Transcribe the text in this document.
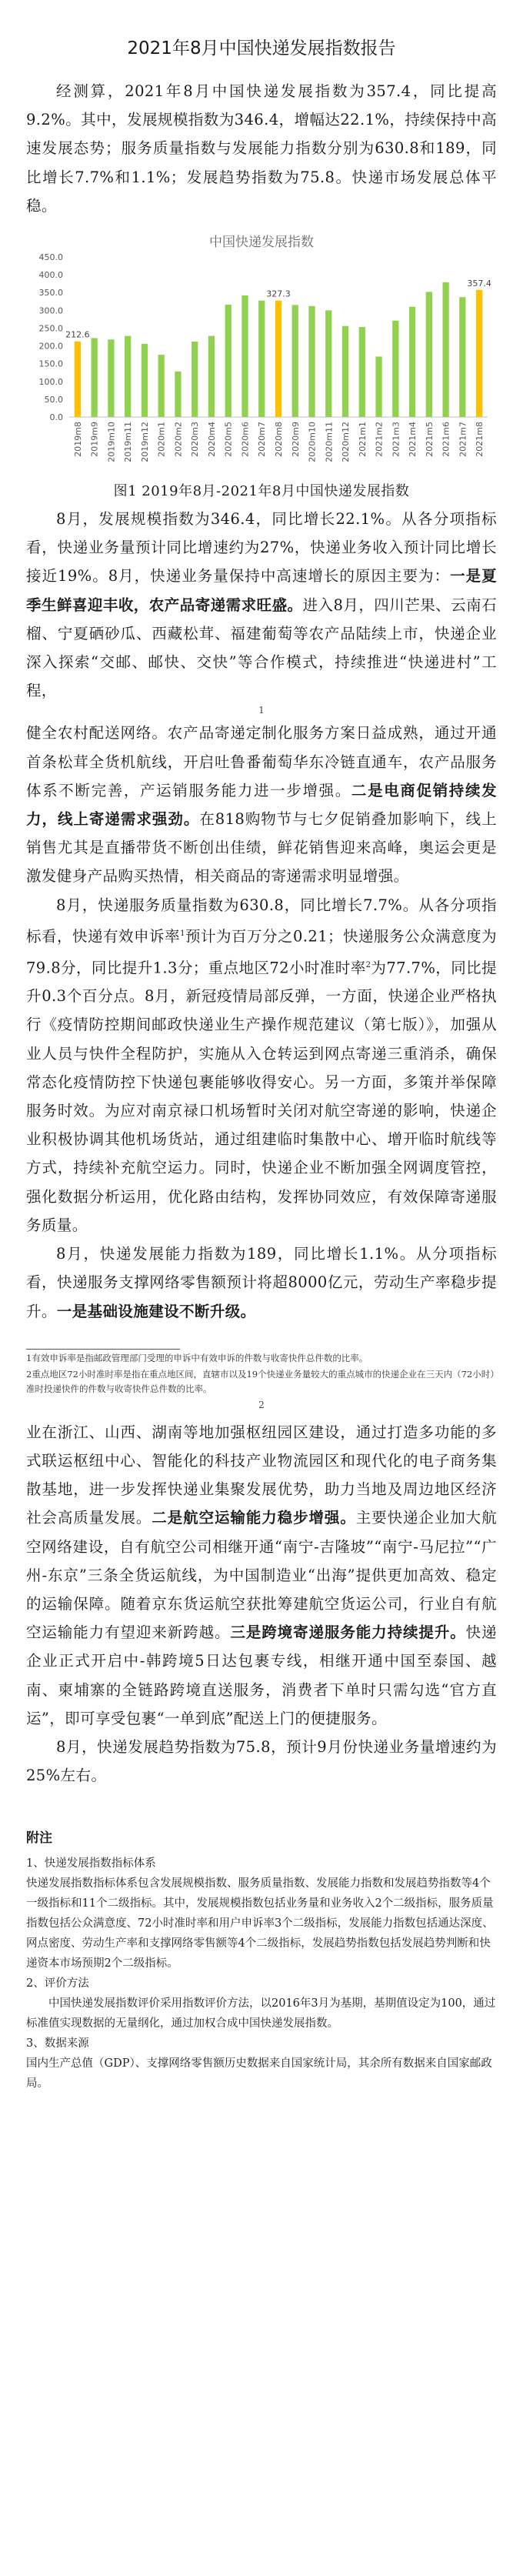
2021年8月中国快递发展指数报告

经测算，2021年8月中国快递发展指数为357.4，同比提高9.2%。其中，发展规模指数为346.4，增幅达22.1%，持续保持中高速发展态势；服务质量指数与发展能力指数分别为630.8和189，同比增长7.7%和1.1%；发展趋势指数为75.8。快递市场发展总体平稳。

中国快递发展指数
0.0
50.0
100.0
150.0
200.0
250.0
300.0
350.0
400.0
450.0
212.6
2019m8 2019m9 2019m10 2019m11 2019m12 2020m1 2020m2 2020m3 2020m4 2020m5 2020m6 2020m7
327.3
2020m8 2020m9 2020m10 2020m11 2020m12 2021m1 2021m2 2021m3 2021m4 2021m5 2021m6 2021m7
357.4
2021m8
图1 2019年8月-2021年8月中国快递发展指数

8月，发展规模指数为346.4，同比增长22.1%。从各分项指标看，快递业务量预计同比增速约为27%，快递业务收入预计同比增长接近19%。8月，快递业务量保持中高速增长的原因主要为：一是夏季生鲜喜迎丰收，农产品寄递需求旺盛。进入8月，四川芒果、云南石榴、宁夏硒砂瓜、西藏松茸、福建葡萄等农产品陆续上市，快递企业深入探索“交邮、邮快、交快”等合作模式，持续推进“快递进村”工程，

1

健全农村配送网络。农产品寄递定制化服务方案日益成熟，通过开通首条松茸全货机航线，开启吐鲁番葡萄华东冷链直通车，农产品服务体系不断完善，产运销服务能力进一步增强。二是电商促销持续发力，线上寄递需求强劲。在818购物节与七夕促销叠加影响下，线上销售尤其是直播带货不断创出佳绩，鲜花销售迎来高峰，奥运会更是激发健身产品购买热情，相关商品的寄递需求明显增强。

8月，快递服务质量指数为630.8，同比增长7.7%。从各分项指标看，快递有效申诉率$^1$预计为百万分之0.21；快递服务公众满意度为79.8分，同比提升1.3分；重点地区72小时准时率$^2$为77.7%，同比提升0.3个百分点。8月，新冠疫情局部反弹，一方面，快递企业严格执行《疫情防控期间邮政快递业生产操作规范建议（第七版）》，加强从业人员与快件全程防护，实施从入仓转运到网点寄递三重消杀，确保常态化疫情防控下快递包裹能够收得安心。另一方面，多策并举保障服务时效。为应对南京禄口机场暂时关闭对航空寄递的影响，快递企业积极协调其他机场货站，通过组建临时集散中心、增开临时航线等方式，持续补充航空运力。同时，快递企业不断加强全网调度管控，强化数据分析运用，优化路由结构，发挥协同效应，有效保障寄递服务质量。

8月，快递发展能力指数为189，同比增长1.1%。从分项指标看，快递服务支撑网络零售额预计将超8000亿元，劳动生产率稳步提升。一是基础设施建设不断升级。

1有效申诉率是指邮政管理部门受理的申诉中有效申诉的件数与收寄快件总件数的比率。

2重点地区72小时准时率是指在重点地区间，直辖市以及19个快递业务量较大的重点城市的快递企业在三天内（72小时）准时投递快件的件数与收寄快件总件数的比率。

2

业在浙江、山西、湖南等地加强枢纽园区建设，通过打造多功能的多式联运枢纽中心、智能化的科技产业物流园区和现代化的电子商务集散基地，进一步发挥快递业集聚发展优势，助力当地及周边地区经济社会高质量发展。二是航空运输能力稳步增强。主要快递企业加大航空网络建设，自有航空公司相继开通“南宁-吉隆坡”“南宁-马尼拉”“广州-东京”三条全货运航线，为中国制造业“出海”提供更加高效、稳定的运输保障。随着京东货运航空获批筹建航空货运公司，行业自有航空运输能力有望迎来新跨越。三是跨境寄递服务能力持续提升。快递企业正式开启中-韩跨境5日达包裹专线，相继开通中国至泰国、越南、柬埔寨的全链路跨境直送服务，消费者下单时只需勾选“官方直运”，即可享受包裹“一单到底”配送上门的便捷服务。

8月，快递发展趋势指数为75.8，预计9月份快递业务量增速约为25%左右。

附注

1、快递发展指数指标体系

快递发展指数指标体系包含发展规模指数、服务质量指数、发展能力指数和发展趋势指数等4个一级指标和11个二级指标。其中，发展规模指数包括业务量和业务收入2个二级指标，服务质量指数包括公众满意度、72小时准时率和用户申诉率3个二级指标，发展能力指数包括通达深度、网点密度、劳动生产率和支撑网络零售额等4个二级指标，发展趋势指数包括发展趋势判断和快递资本市场预期2个二级指标。

2、评价方法

中国快递发展指数评价采用指数评价方法，以2016年3月为基期，基期值设定为100，通过标准值实现数据的无量纲化，通过加权合成中国快递发展指数。

3、数据来源

国内生产总值（GDP）、支撑网络零售额历史数据来自国家统计局，其余所有数据来自国家邮政局。
